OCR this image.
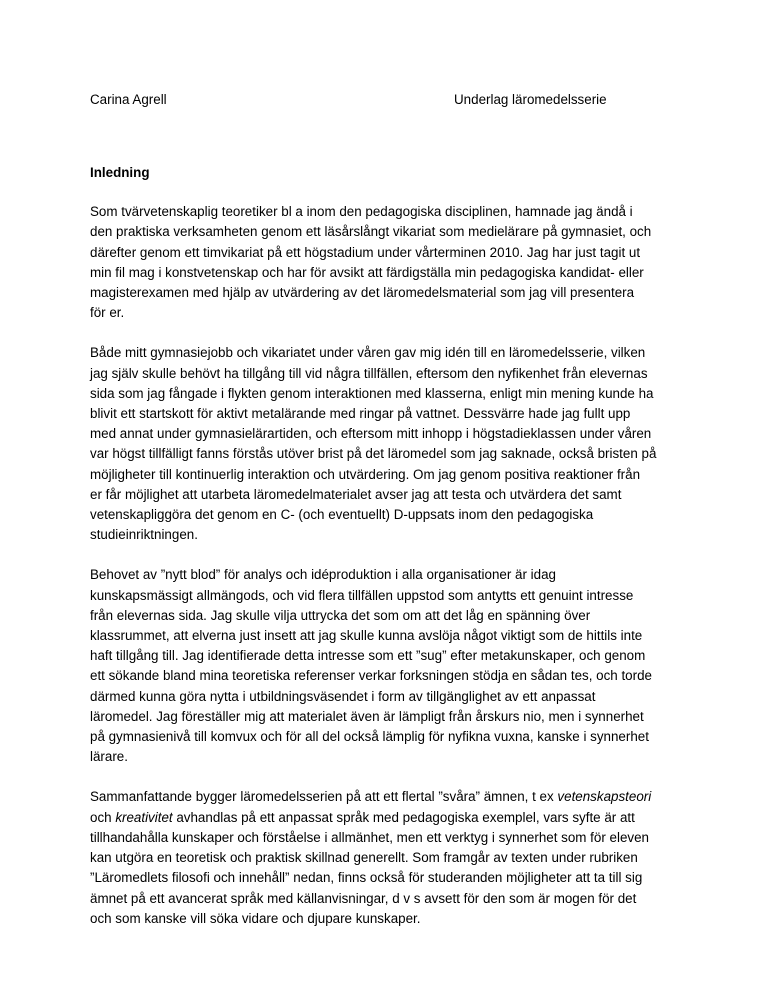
Carina Agrell	Underlag läromedelsserie
Inledning
Som tvärvetenskaplig teoretiker bl a inom den pedagogiska disciplinen, hamnade jag ändå i
den praktiska verksamheten genom ett läsårslångt vikariat som medielärare på gymnasiet, och
därefter genom ett timvikariat på ett högstadium under vårterminen 2010. Jag har just tagit ut
min fil mag i konstvetenskap och har för avsikt att färdigställa min pedagogiska kandidat- eller
magisterexamen med hjälp av utvärdering av det läromedelsmaterial som jag vill presentera
för er.
Både mitt gymnasiejobb och vikariatet under våren gav mig idén till en läromedelsserie, vilken
jag själv skulle behövt ha tillgång till vid några tillfällen, eftersom den nyfikenhet från elevernas
sida som jag fångade i flykten genom interaktionen med klasserna, enligt min mening kunde ha
blivit ett startskott för aktivt metalärande med ringar på vattnet. Dessvärre hade jag fullt upp
med annat under gymnasielärartiden, och eftersom mitt inhopp i högstadieklassen under våren
var högst tillfälligt fanns förstås utöver brist på det läromedel som jag saknade, också bristen på
möjligheter till kontinuerlig interaktion och utvärdering. Om jag genom positiva reaktioner från
er får möjlighet att utarbeta läromedelmaterialet avser jag att testa och utvärdera det samt
vetenskapliggöra det genom en C- (och eventuellt) D-uppsats inom den pedagogiska
studieinriktningen.
Behovet av ”nytt blod” för analys och idéproduktion i alla organisationer är idag
kunskapsmässigt allmängods, och vid flera tillfällen uppstod som antytts ett genuint intresse
från elevernas sida. Jag skulle vilja uttrycka det som om att det låg en spänning över
klassrummet, att elverna just insett att jag skulle kunna avslöja något viktigt som de hittils inte
haft tillgång till. Jag identifierade detta intresse som ett ”sug” efter metakunskaper, och genom
ett sökande bland mina teoretiska referenser verkar forksningen stödja en sådan tes, och torde
därmed kunna göra nytta i utbildningsväsendet i form av tillgänglighet av ett anpassat
läromedel. Jag föreställer mig att materialet även är lämpligt från årskurs nio, men i synnerhet
på gymnasienivå till komvux och för all del också lämplig för nyfikna vuxna, kanske i synnerhet
lärare.
Sammanfattande bygger läromedelsserien på att ett flertal ”svåra” ämnen, t ex vetenskapsteori
och kreativitet avhandlas på ett anpassat språk med pedagogiska exemplel, vars syfte är att
tillhandahålla kunskaper och förståelse i allmänhet, men ett verktyg i synnerhet som för eleven
kan utgöra en teoretisk och praktisk skillnad generellt. Som framgår av texten under rubriken
”Läromedlets filosofi och innehåll” nedan, finns också för studeranden möjligheter att ta till sig
ämnet på ett avancerat språk med källanvisningar, d v s avsett för den som är mogen för det
och som kanske vill söka vidare och djupare kunskaper.
